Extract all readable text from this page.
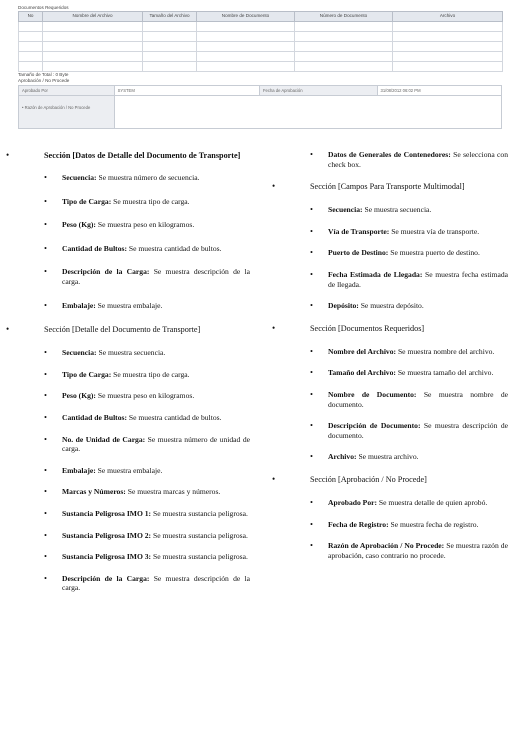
Documentos Requeridos
No	Nombre del Archivo	Tamaño del Archivo	Nombre de Documento	Número de Documento	Archivo

Tamaño de Total : 0 Byte
Aprobación / No Procede
Aprobado Por	SYSTEM	Fecha de Aprobación	31/08/2012 06:02 PM
• Razón de Aprobación / No Procede
•	Sección [Datos de Detalle del Documento de Transporte]
• Secuencia: Se muestra número de secuencia.
• Tipo de Carga: Se muestra tipo de carga.
• Peso (Kg): Se muestra peso en kilogramos.
• Cantidad de Bultos: Se muestra cantidad de bultos.
• Descripción de la Carga: Se muestra descripción de la carga.
• Embalaje: Se muestra embalaje.
•	Sección [Detalle del Documento de Transporte]
• Secuencia: Se muestra secuencia.
• Tipo de Carga: Se muestra tipo de carga.
• Peso (Kg): Se muestra peso en kilogramos.
• Cantidad de Bultos: Se muestra cantidad de bultos.
• No. de Unidad de Carga: Se muestra número de unidad de carga.
• Embalaje: Se muestra embalaje.
• Marcas y Números: Se muestra marcas y números.
• Sustancia Peligrosa IMO 1: Se muestra sustancia peligrosa.
• Sustancia Peligrosa IMO 2: Se muestra sustancia peligrosa.
• Sustancia Peligrosa IMO 3: Se muestra sustancia peligrosa.
• Descripción de la Carga: Se muestra descripción de la carga.
• Datos de Generales de Contenedores: Se selecciona con check box.
•	Sección [Campos Para Transporte Multimodal]
• Secuencia: Se muestra secuencia.
• Vía de Transporte: Se muestra vía de transporte.
• Puerto de Destino: Se muestra puerto de destino.
• Fecha Estimada de Llegada: Se muestra fecha estimada de llegada.
• Depósito: Se muestra depósito.
•	Sección [Documentos Requeridos]
• Nombre del Archivo: Se muestra nombre del archivo.
• Tamaño del Archivo: Se muestra tamaño del archivo.
• Nombre de Documento: Se muestra nombre de documento.
• Descripción de Documento: Se muestra descripción de documento.
• Archivo: Se muestra archivo.
•	Sección [Aprobación / No Procede]
• Aprobado Por: Se muestra detalle de quien aprobó.
• Fecha de Registro: Se muestra fecha de registro.
• Razón de Aprobación / No Procede: Se muestra razón de aprobación, caso contrario no procede.
